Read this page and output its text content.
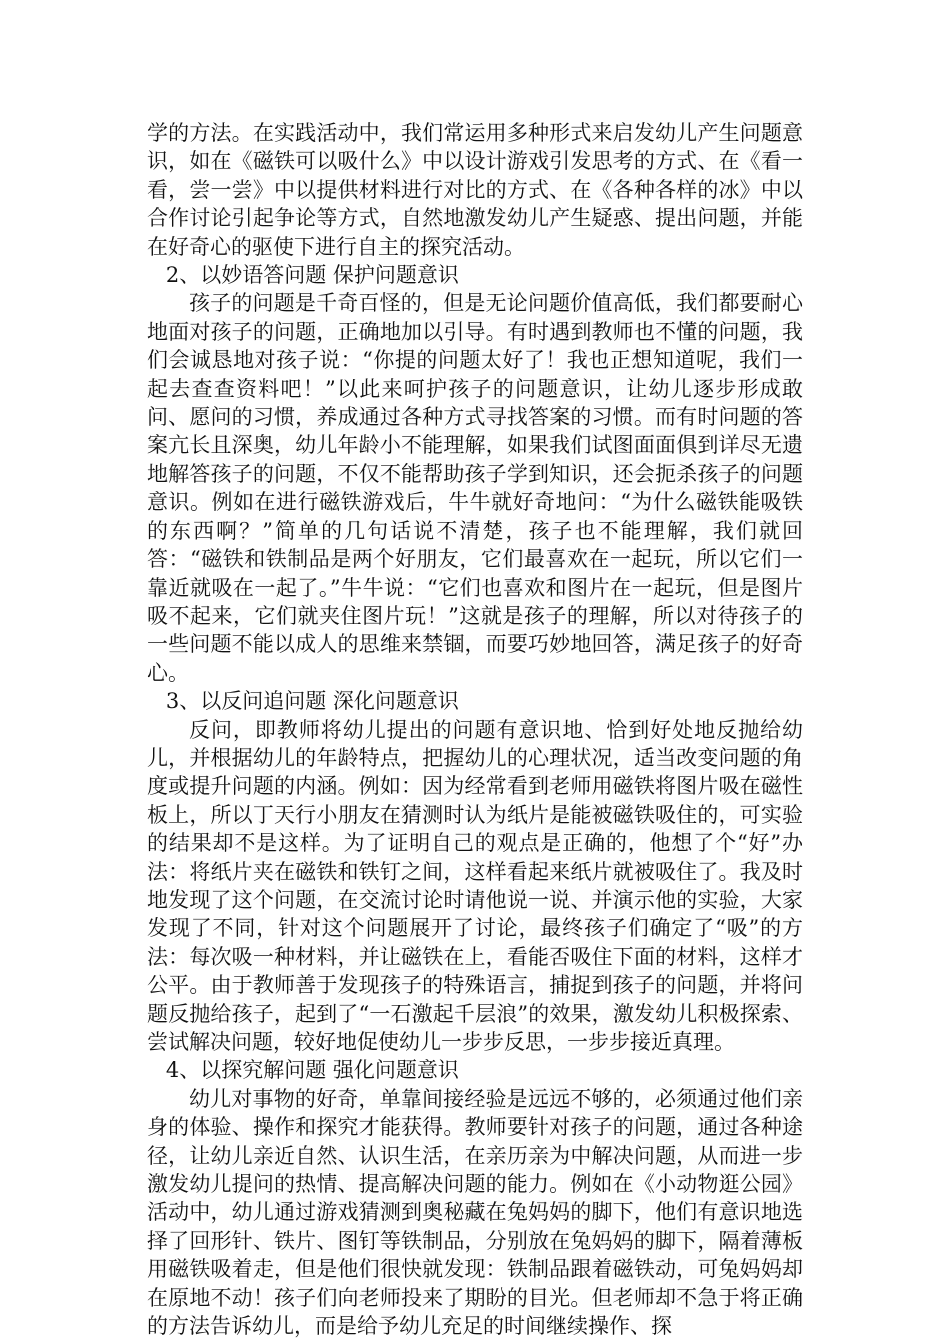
学的方法。在实践活动中，我们常运用多种形式来启发幼儿产生问题意识，如在《磁铁可以吸什么》中以设计游戏引发思考的方式、在《看一看，尝一尝》中以提供材料进行对比的方式、在《各种各样的冰》中以合作讨论引起争论等方式，自然地激发幼儿产生疑惑、提出问题，并能在好奇心的驱使下进行自主的探究活动。

2、以妙语答问题 保护问题意识

孩子的问题是千奇百怪的，但是无论问题价值高低，我们都要耐心地面对孩子的问题，正确地加以引导。有时遇到教师也不懂的问题，我们会诚恳地对孩子说：“你提的问题太好了！我也正想知道呢，我们一起去查查资料吧！”以此来呵护孩子的问题意识，让幼儿逐步形成敢问、愿问的习惯，养成通过各种方式寻找答案的习惯。而有时问题的答案亢长且深奥，幼儿年龄小不能理解，如果我们试图面面俱到详尽无遗地解答孩子的问题，不仅不能帮助孩子学到知识，还会扼杀孩子的问题意识。例如在进行磁铁游戏后，牛牛就好奇地问：“为什么磁铁能吸铁的东西啊？”简单的几句话说不清楚，孩子也不能理解，我们就回答：“磁铁和铁制品是两个好朋友，它们最喜欢在一起玩，所以它们一靠近就吸在一起了。”牛牛说：“它们也喜欢和图片在一起玩，但是图片吸不起来，它们就夹住图片玩！”这就是孩子的理解，所以对待孩子的一些问题不能以成人的思维来禁锢，而要巧妙地回答，满足孩子的好奇心。

3、以反问追问题 深化问题意识

反问，即教师将幼儿提出的问题有意识地、恰到好处地反抛给幼儿，并根据幼儿的年龄特点，把握幼儿的心理状况，适当改变问题的角度或提升问题的内涵。例如：因为经常看到老师用磁铁将图片吸在磁性板上，所以丁天行小朋友在猜测时认为纸片是能被磁铁吸住的，可实验的结果却不是这样。为了证明自己的观点是正确的，他想了个“好”办法：将纸片夹在磁铁和铁钉之间，这样看起来纸片就被吸住了。我及时地发现了这个问题，在交流讨论时请他说一说、并演示他的实验，大家发现了不同，针对这个问题展开了讨论，最终孩子们确定了“吸”的方法：每次吸一种材料，并让磁铁在上，看能否吸住下面的材料，这样才公平。由于教师善于发现孩子的特殊语言，捕捉到孩子的问题，并将问题反抛给孩子，起到了“一石激起千层浪”的效果，激发幼儿积极探索、尝试解决问题，较好地促使幼儿一步步反思，一步步接近真理。

4、以探究解问题 强化问题意识

幼儿对事物的好奇，单靠间接经验是远远不够的，必须通过他们亲身的体验、操作和探究才能获得。教师要针对孩子的问题，通过各种途径，让幼儿亲近自然、认识生活，在亲历亲为中解决问题，从而进一步激发幼儿提问的热情、提高解决问题的能力。例如在《小动物逛公园》活动中，幼儿通过游戏猜测到奥秘藏在兔妈妈的脚下，他们有意识地选择了回形针、铁片、图钉等铁制品，分别放在兔妈妈的脚下，隔着薄板用磁铁吸着走，但是他们很快就发现：铁制品跟着磁铁动，可兔妈妈却在原地不动！孩子们向老师投来了期盼的目光。但老师却不急于将正确的方法告诉幼儿，而是给予幼儿充足的时间继续操作、探
